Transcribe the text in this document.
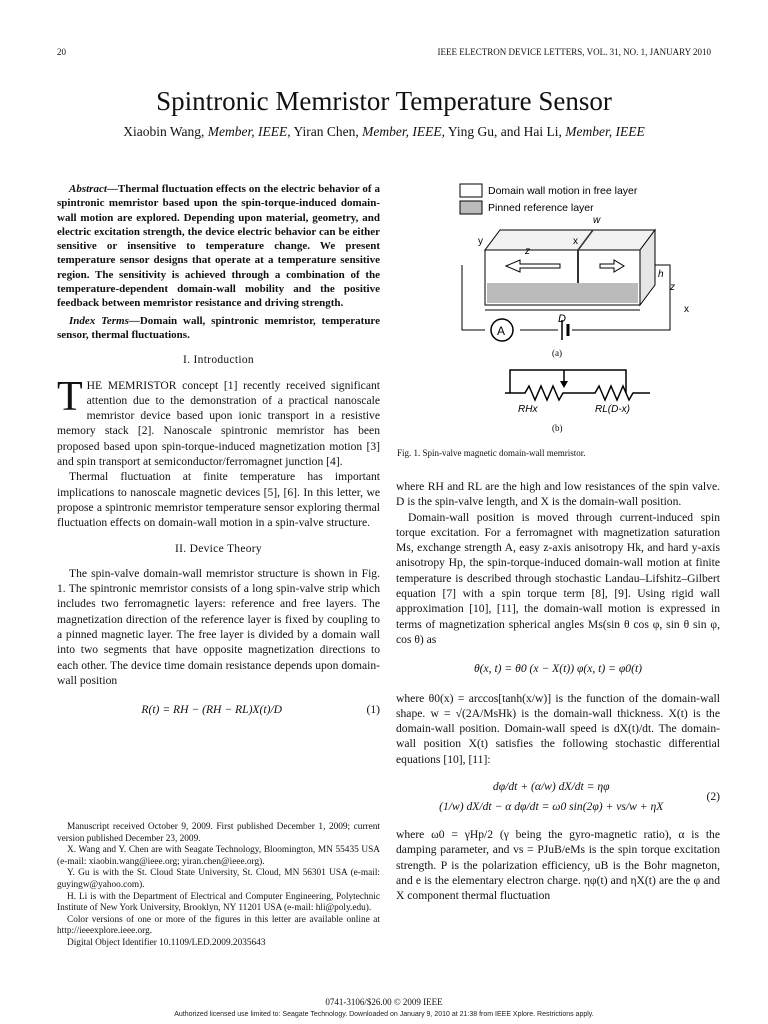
20	IEEE ELECTRON DEVICE LETTERS, VOL. 31, NO. 1, JANUARY 2010
Spintronic Memristor Temperature Sensor
Xiaobin Wang, Member, IEEE, Yiran Chen, Member, IEEE, Ying Gu, and Hai Li, Member, IEEE

Abstract—Thermal fluctuation effects on the electric behavior of a spintronic memristor based upon the spin-torque-induced domain-wall motion are explored. Depending upon material, geometry, and electric excitation strength, the device electric behavior can be either sensitive or insensitive to temperature change. We present temperature sensor designs that operate at a temperature sensitive region. The sensitivity is achieved through a combination of the temperature-dependent domain-wall mobility and the positive feedback between memristor resistance and driving strength.

Index Terms—Domain wall, spintronic memristor, temperature sensor, thermal fluctuations.

I. Introduction

THE MEMRISTOR concept [1] recently received significant attention due to the demonstration of a practical nanoscale memristor device based upon ionic transport in a resistive memory stack [2]. Nanoscale spintronic memristor has been proposed based upon spin-torque-induced magnetization motion [3] and spin transport at semiconductor/ferromagnet junction [4].

Thermal fluctuation at finite temperature has important implications to nanoscale magnetic devices [5], [6]. In this letter, we propose a spintronic memristor temperature sensor exploring thermal fluctuation effects on domain-wall motion in a spin-valve structure.

II. Device Theory

The spin-valve domain-wall memristor structure is shown in Fig. 1. The spintronic memristor consists of a long spin-valve strip which includes two ferromagnetic layers: reference and free layers. The magnetization direction of the reference layer is fixed by coupling to a pinned magnetic layer. The free layer is divided by a domain wall into two segments that have opposite magnetization directions to each other. The device time domain resistance depends upon domain-wall position

R(t) = RH − (RH − RL)X(t)/D	(1)

Manuscript received October 9, 2009. First published December 1, 2009; current version published December 23, 2009.

X. Wang and Y. Chen are with Seagate Technology, Bloomington, MN 55435 USA (e-mail: xiaobin.wang@ieee.org; yiran.chen@ieee.org).

Y. Gu is with the St. Cloud State University, St. Cloud, MN 56301 USA (e-mail: guyingw@yahoo.com).

H. Li is with the Department of Electrical and Computer Engineering, Polytechnic Institute of New York University, Brooklyn, NY 11201 USA (e-mail: hli@poly.edu).

Color versions of one or more of the figures in this letter are available online at http://ieeexplore.ieee.org.

Digital Object Identifier 10.1109/LED.2009.2035643

Domain wall motion in free layer
Pinned reference layer
y
z
x
w
h
z
x
D
A
(a)
RHx	RL(D-x)
(b)
Fig. 1. Spin-valve magnetic domain-wall memristor.

where RH and RL are the high and low resistances of the spin valve. D is the spin-valve length, and X is the domain-wall position.

Domain-wall position is moved through current-induced spin torque excitation. For a ferromagnet with magnetization saturation Ms, exchange strength A, easy z-axis anisotropy Hk, and hard y-axis anisotropy Hp, the spin-torque-induced domain-wall motion at finite temperature is described through stochastic Landau–Lifshitz–Gilbert equation [7] with a spin torque term [8], [9]. Using rigid wall approximation [10], [11], the domain-wall motion is expressed in terms of magnetization spherical angles Ms(sin θ cos φ, sin θ sin φ, cos θ) as

θ(x, t) = θ0 (x − X(t)) φ(x, t) = φ0(t)

where θ0(x) = arccos[tanh(x/w)] is the function of the domain-wall shape. w = √(2A/MsHk) is the domain-wall thickness. X(t) is the domain-wall position. Domain-wall speed is dX(t)/dt. The domain-wall position X(t) satisfies the following stochastic differential equations [10], [11]:

dφ/dt + (α/w) dX/dt = ηφ
(1/w) dX/dt − α dφ/dt = ω0 sin(2φ) + vs/w + ηX
(2)

where ω0 = γHp/2 (γ being the gyro-magnetic ratio), α is the damping parameter, and vs = PJuB/eMs is the spin torque excitation strength. P is the polarization efficiency, uB is the Bohr magneton, and e is the elementary electron charge. ηφ(t) and ηX(t) are the φ and X component thermal fluctuation

0741-3106/$26.00 © 2009 IEEE
Authorized licensed use limited to: Seagate Technology. Downloaded on January 9, 2010 at 21:38 from IEEE Xplore. Restrictions apply.
